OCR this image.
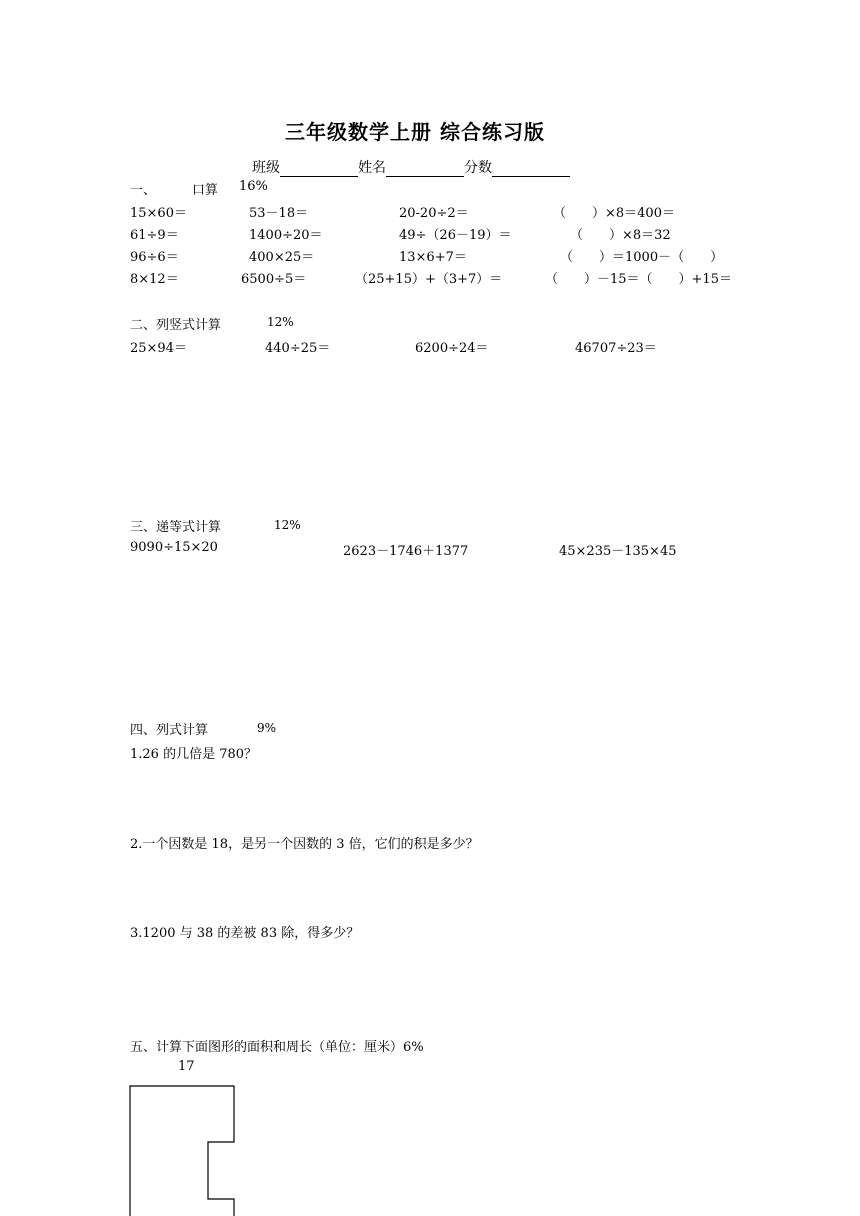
三年级数学上册 综合练习版
班级	姓名	分数
一、	口算 16%
15×60＝	53－18＝	20-20÷2＝	（　　）×8＝400＝
61÷9＝	1400÷20＝	49÷（26－19）＝	（　　）×8＝32
96÷6＝	400×25＝	13×6+7＝	（　　）＝1000－（　　）
8×12＝	6500÷5＝	（25+15）+（3+7）＝	（　　）－15＝（　　）+15＝
二、列竖式计算	12%
25×94＝	440÷25＝	6200÷24＝	46707÷23＝
三、递等式计算	12%
9090÷15×20	2623－1746＋1377	45×235－135×45
四、列式计算	9%
1.26 的几倍是 780？
2.一个因数是 18，是另一个因数的 3 倍，它们的积是多少？
3.1200 与 38 的差被 83 除，得多少？
五、计算下面图形的面积和周长（单位：厘米）6%
17
